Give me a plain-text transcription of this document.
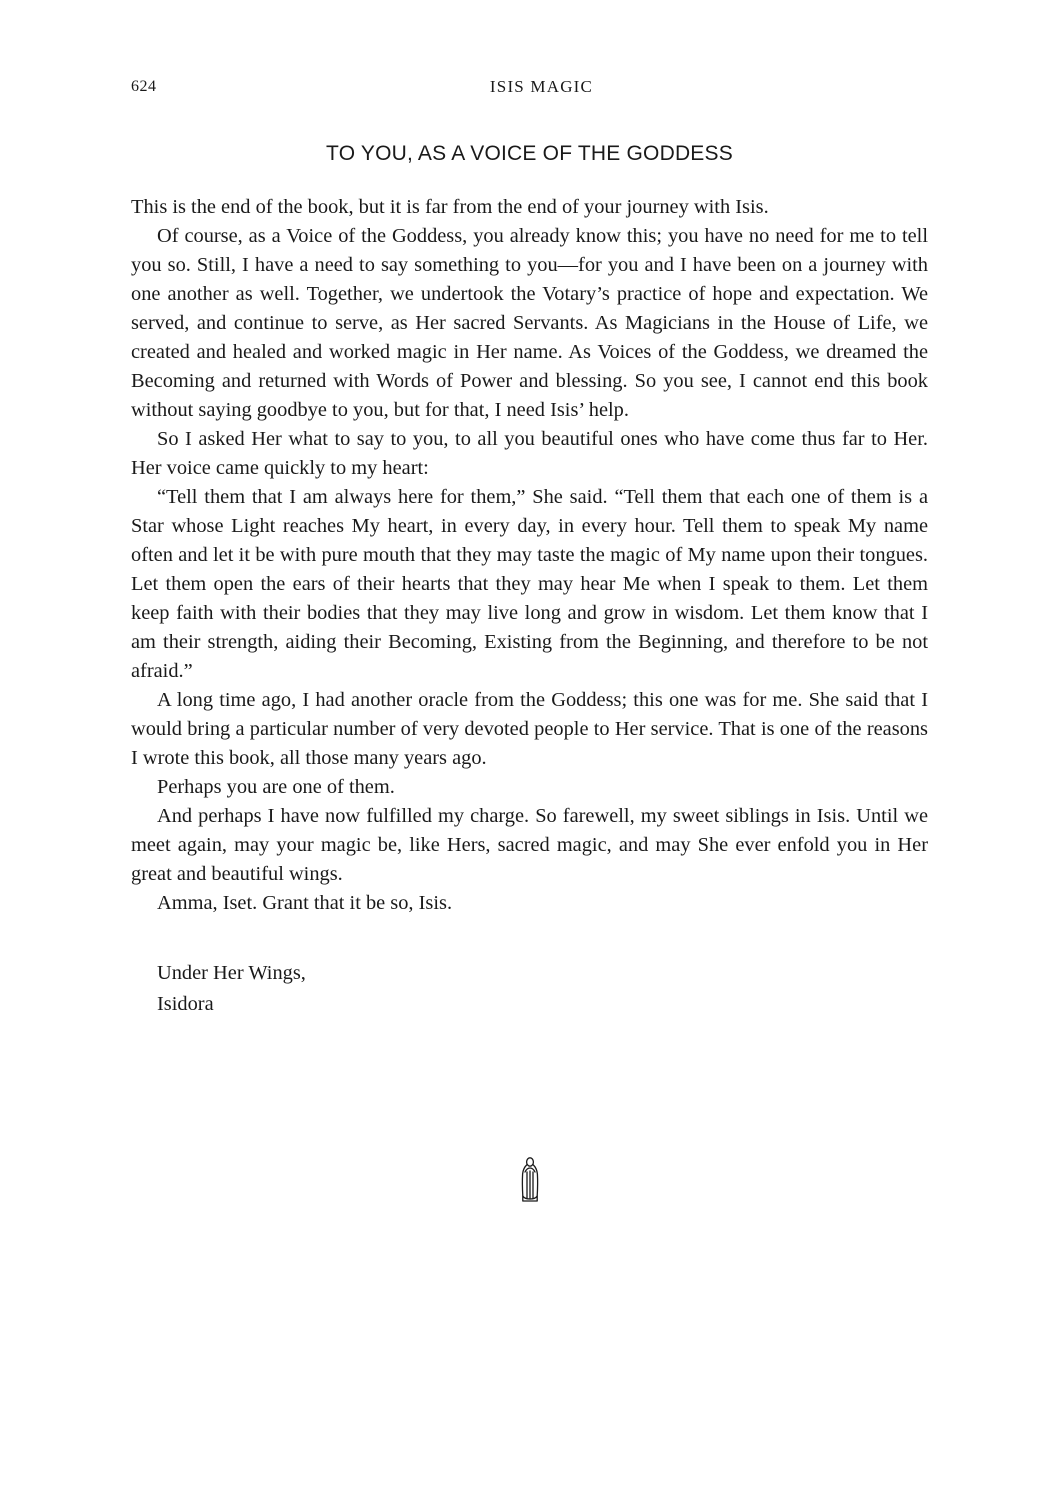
624	ISIS MAGIC
TO YOU, AS A VOICE OF THE GODDESS

This is the end of the book, but it is far from the end of your journey with Isis.

Of course, as a Voice of the Goddess, you already know this; you have no need for me to tell you so. Still, I have a need to say something to you—for you and I have been on a journey with one another as well. Together, we undertook the Votary’s practice of hope and expectation. We served, and continue to serve, as Her sacred Servants. As Magicians in the House of Life, we created and healed and worked magic in Her name. As Voices of the Goddess, we dreamed the Becoming and returned with Words of Power and blessing. So you see, I cannot end this book without saying goodbye to you, but for that, I need Isis’ help.

So I asked Her what to say to you, to all you beautiful ones who have come thus far to Her. Her voice came quickly to my heart:

“Tell them that I am always here for them,” She said. “Tell them that each one of them is a Star whose Light reaches My heart, in every day, in every hour. Tell them to speak My name often and let it be with pure mouth that they may taste the magic of My name upon their tongues. Let them open the ears of their hearts that they may hear Me when I speak to them. Let them keep faith with their bodies that they may live long and grow in wisdom. Let them know that I am their strength, aiding their Becoming, Existing from the Beginning, and therefore to be not afraid.”

A long time ago, I had another oracle from the Goddess; this one was for me. She said that I would bring a particular number of very devoted people to Her service. That is one of the reasons I wrote this book, all those many years ago.

Perhaps you are one of them.

And perhaps I have now fulfilled my charge. So farewell, my sweet siblings in Isis. Until we meet again, may your magic be, like Hers, sacred magic, and may She ever enfold you in Her great and beautiful wings.

Amma, Iset. Grant that it be so, Isis.

Under Her Wings,
Isidora
